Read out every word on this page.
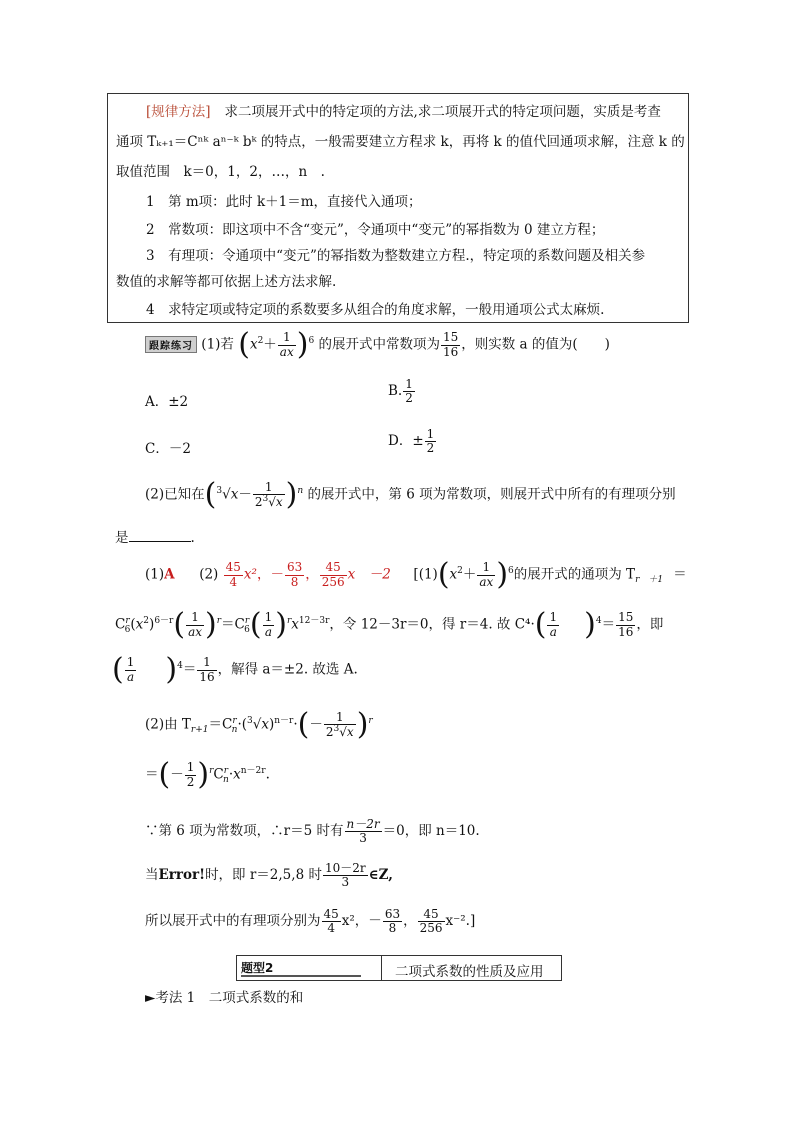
[规律方法] 求二项展开式中的特定项的方法,求二项展开式的特定项问题，实质是考查
通项 Tₖ₊₁＝Cⁿᵏ aⁿ⁻ᵏ bᵏ 的特点，一般需要建立方程求 k，再将 k 的值代回通项求解，注意 k 的
取值范围　k＝0，1，2，…，n　.
1　第 m项：此时 k＋1＝m，直接代入通项；
2　常数项：即这项中不含“变元”，令通项中“变元”的幂指数为 0 建立方程；
3　有理项：令通项中“变元”的幂指数为整数建立方程.，特定项的系数问题及相关参
数值的求解等都可依据上述方法求解.
4　求特定项或特定项的系数要多从组合的角度求解，一般用通项公式太麻烦.
跟踪练习 (1)若 $(x^2+ \frac{1}{ax} )^6$ 的展开式中常数项为 $\frac{15}{16}$ ，则实数 a 的值为(　　)
A．±2
B. $\frac{1}{2}$
C．－2	D．± $\frac{1}{2}$
(2)已知在$(^3√x- \frac{1}{2^3√x} )^n$ 的展开式中，第 6 项为常数项，则展开式中所有的有理项分别
是	.
(1)A $(2) \frac{45}{4} x^2$，－ $\frac{63}{8}$ ， $\frac{45}{256}$ x　－2 [$(1)(x^2+ \frac{1}{ax} )^6$的展开式的通项为 $T_{r +1}$ ＝
$C^r_6(x^2)^{6-r}( \frac{1}{ax} )^r=C^r_6( \frac{1}{a} )^rx^{12-3r}$，令 12－3r＝0，得 r＝4. 故 $C^4\cdot( \frac{1}{a} )^4= \frac{15}{16}$ ，即
( $\frac{1}{a} )^4= \frac{1}{16}$ ，解得 a＝±2. 故选 A.
(2)由 $T_{r+1}=C^r_n\cdot(^3√x)^{n-r}\cdot(- \frac{1}{2^3√x} )^r$
＝(－ $\frac{1}{2} )^rC^r_n\cdot x^{n-2r}$.
∵第 6 项为常数项，∴r＝5 时有 $\frac{n-2r}{3} =0$，即 n＝10.
当Error!时，即 r＝2,5,8 时 $\frac{10-2r}{3}$ ∈Z,
所以展开式中的有理项分别为 $\frac{45}{4} x^2$，－ $\frac{63}{8}$ ， $\frac{45}{256} x^{-2}$.]
题型2	二项式系数的性质及应用
►考法 1　二项式系数的和
